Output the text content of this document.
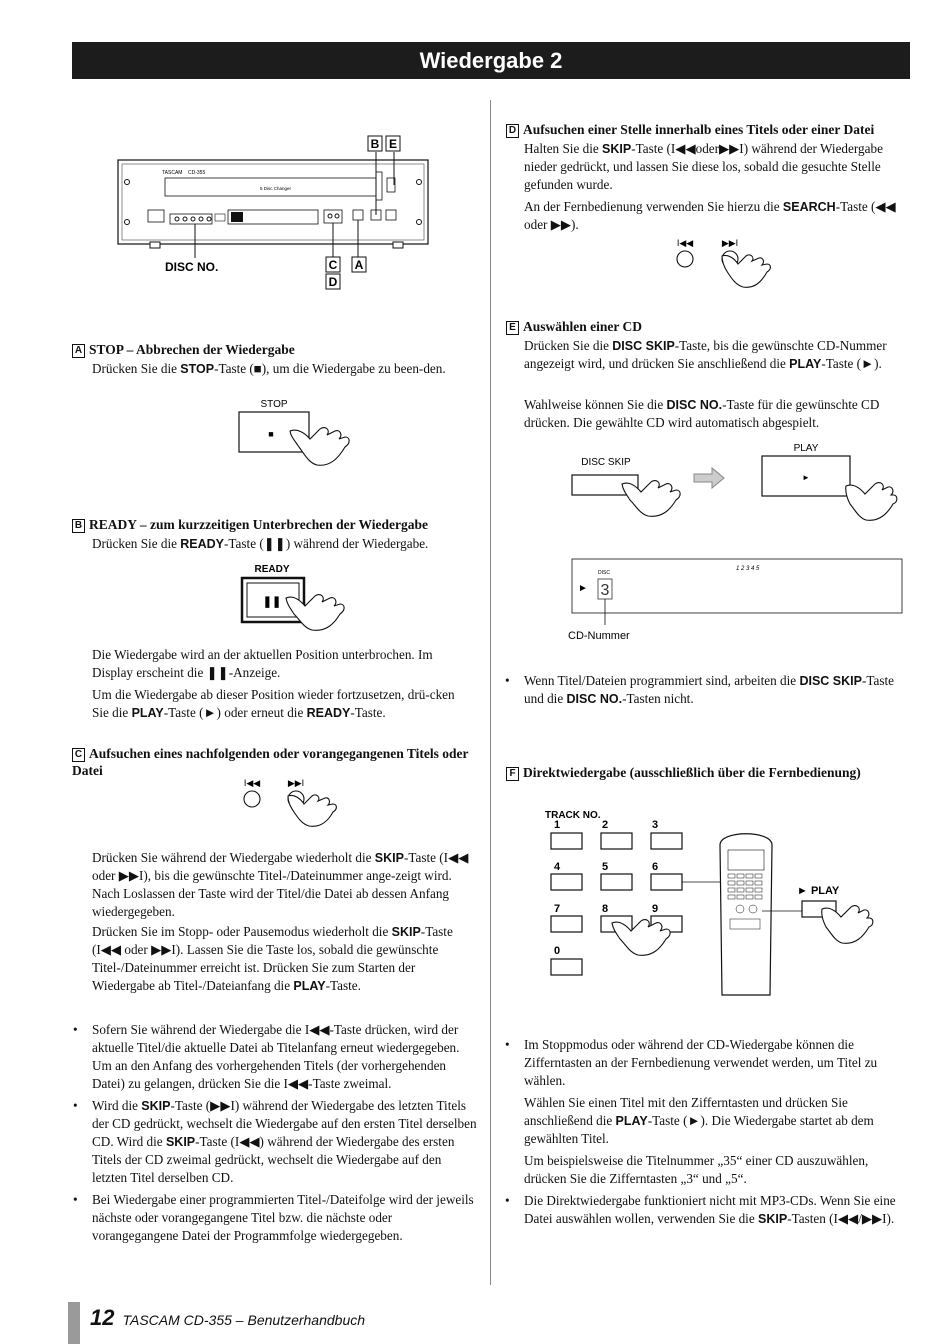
Wiedergabe 2
TASCAM CD-355
5 Disc Changer
B E
C A
D
DISC NO.
A STOP – Abbrechen der Wiedergabe
Drücken Sie die STOP-Taste (■), um die Wiedergabe zu been-den.
STOP
■
B READY – zum kurzzeitigen Unterbrechen der Wiedergabe
Drücken Sie die READY-Taste (❚❚) während der Wiedergabe.
READY
❚❚
Die Wiedergabe wird an der aktuellen Position unterbrochen. Im Display erscheint die ❚❚-Anzeige.
Um die Wiedergabe ab dieser Position wieder fortzusetzen, drü-cken Sie die PLAY-Taste (►) oder erneut die READY-Taste.
C Aufsuchen eines nachfolgenden oder vorangegangenen Titels oder Datei
I◀◀	▶▶I
Drücken Sie während der Wiedergabe wiederholt die SKIP-Taste (I◀◀ oder ▶▶I), bis die gewünschte Titel-/Dateinummer ange-zeigt wird. Nach Loslassen der Taste wird der Titel/die Datei ab dessen Anfang wiedergegeben.
Drücken Sie im Stopp- oder Pausemodus wiederholt die SKIP-Taste (I◀◀ oder ▶▶I). Lassen Sie die Taste los, sobald die gewünschte Titel-/Dateinummer erreicht ist. Drücken Sie zum Starten der Wiedergabe ab Titel-/Dateianfang die PLAY-Taste.
• Sofern Sie während der Wiedergabe die I◀◀-Taste drücken, wird der aktuelle Titel/die aktuelle Datei ab Titelanfang erneut wiedergegeben. Um an den Anfang des vorhergehenden Titels (der vorhergehenden Datei) zu gelangen, drücken Sie die I◀◀-Taste zweimal.
• Wird die SKIP-Taste (▶▶I) während der Wiedergabe des letzten Titels der CD gedrückt, wechselt die Wiedergabe auf den ersten Titel derselben CD. Wird die SKIP-Taste (I◀◀) während der Wiedergabe des ersten Titels der CD zweimal gedrückt, wechselt die Wiedergabe auf den letzten Titel derselben CD.
• Bei Wiedergabe einer programmierten Titel-/Dateifolge wird der jeweils nächste oder vorangegangene Titel bzw. die nächste oder vorangegangene Datei der Programmfolge wiedergegeben.
D Aufsuchen einer Stelle innerhalb eines Titels oder einer Datei
Halten Sie die SKIP-Taste (I◀◀oder▶▶I) während der Wiedergabe nieder gedrückt, und lassen Sie diese los, sobald die gesuchte Stelle gefunden wurde.
An der Fernbedienung verwenden Sie hierzu die SEARCH-Taste (◀◀ oder ▶▶).
I◀◀	▶▶I
E Auswählen einer CD
Drücken Sie die DISC SKIP-Taste, bis die gewünschte CD-Nummer angezeigt wird, und drücken Sie anschließend die PLAY-Taste (►).
Wahlweise können Sie die DISC NO.-Taste für die gewünschte CD drücken. Die gewählte CD wird automatisch abgespielt.
DISC SKIP
PLAY
►
►
DISC
3
1 2 3 4 5
CD-Nummer
• Wenn Titel/Dateien programmiert sind, arbeiten die DISC SKIP-Taste und die DISC NO.-Tasten nicht.
F Direktwiedergabe (ausschließlich über die Fernbedienung)
TRACK NO.
1	2	3
4	5	6
7	8	9
0
► PLAY
• Im Stoppmodus oder während der CD-Wiedergabe können die Zifferntasten an der Fernbedienung verwendet werden, um Titel zu wählen.
Wählen Sie einen Titel mit den Zifferntasten und drücken Sie anschließend die PLAY-Taste (►). Die Wiedergabe startet ab dem gewählten Titel.
Um beispielsweise die Titelnummer „35“ einer CD auszuwählen, drücken Sie die Zifferntasten „3“ und „5“.
• Die Direktwiedergabe funktioniert nicht mit MP3-CDs. Wenn Sie eine Datei auswählen wollen, verwenden Sie die SKIP-Tasten (I◀◀/▶▶I).
12 TASCAM CD-355 – Benutzerhandbuch
